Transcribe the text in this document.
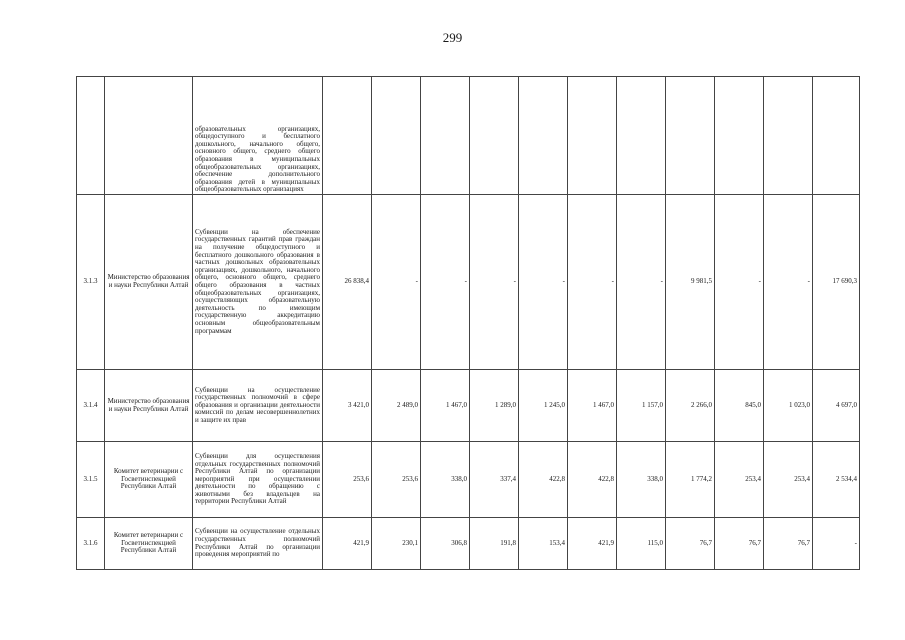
299
		образовательных организациях, общедоступного и бесплатного дошкольного, начального общего, основного общего, среднего общего образования в муниципальных общеобразовательных организациях, обеспечение дополнительного образования детей в муниципальных общеобразовательных организациях											
3.1.3	Министерство образования и науки Республики Алтай	Субвенции на обеспечение государственных гарантий прав граждан на получение общедоступного и бесплатного дошкольного образования в частных дошкольных образовательных организациях, дошкольного, начального общего, основного общего, среднего общего образования в частных общеобразовательных организациях, осуществляющих образовательную деятельность по имеющим государственную аккредитацию основным общеобразовательным программам	26 838,4	-	-	-	-	-	-	9 981,5	-	-	17 690,3
3.1.4	Министерство образования и науки Республики Алтай	Субвенции на осуществление государственных полномочий в сфере образования и организации деятельности комиссий по делам несовершеннолетних и защите их прав	3 421,0	2 489,0	1 467,0	1 289,0	1 245,0	1 467,0	1 157,0	2 266,0	845,0	1 023,0	4 697,0
3.1.5	Комитет ветеринарии с Госветинспекцией Республики Алтай	Субвенции для осуществления отдельных государственных полномочий Республики Алтай по организации мероприятий при осуществлении деятельности по обращению с животными без владельцев на территории Республики Алтай	253,6	253,6	338,0	337,4	422,8	422,8	338,0	1 774,2	253,4	253,4	2 534,4
3.1.6	Комитет ветеринарии с Госветинспекцией Республики Алтай	Субвенции на осуществление отдельных государственных полномочий Республики Алтай по организации проведения мероприятий по	421,9	230,1	306,8	191,8	153,4	421,9	115,0	76,7	76,7	76,7	-
